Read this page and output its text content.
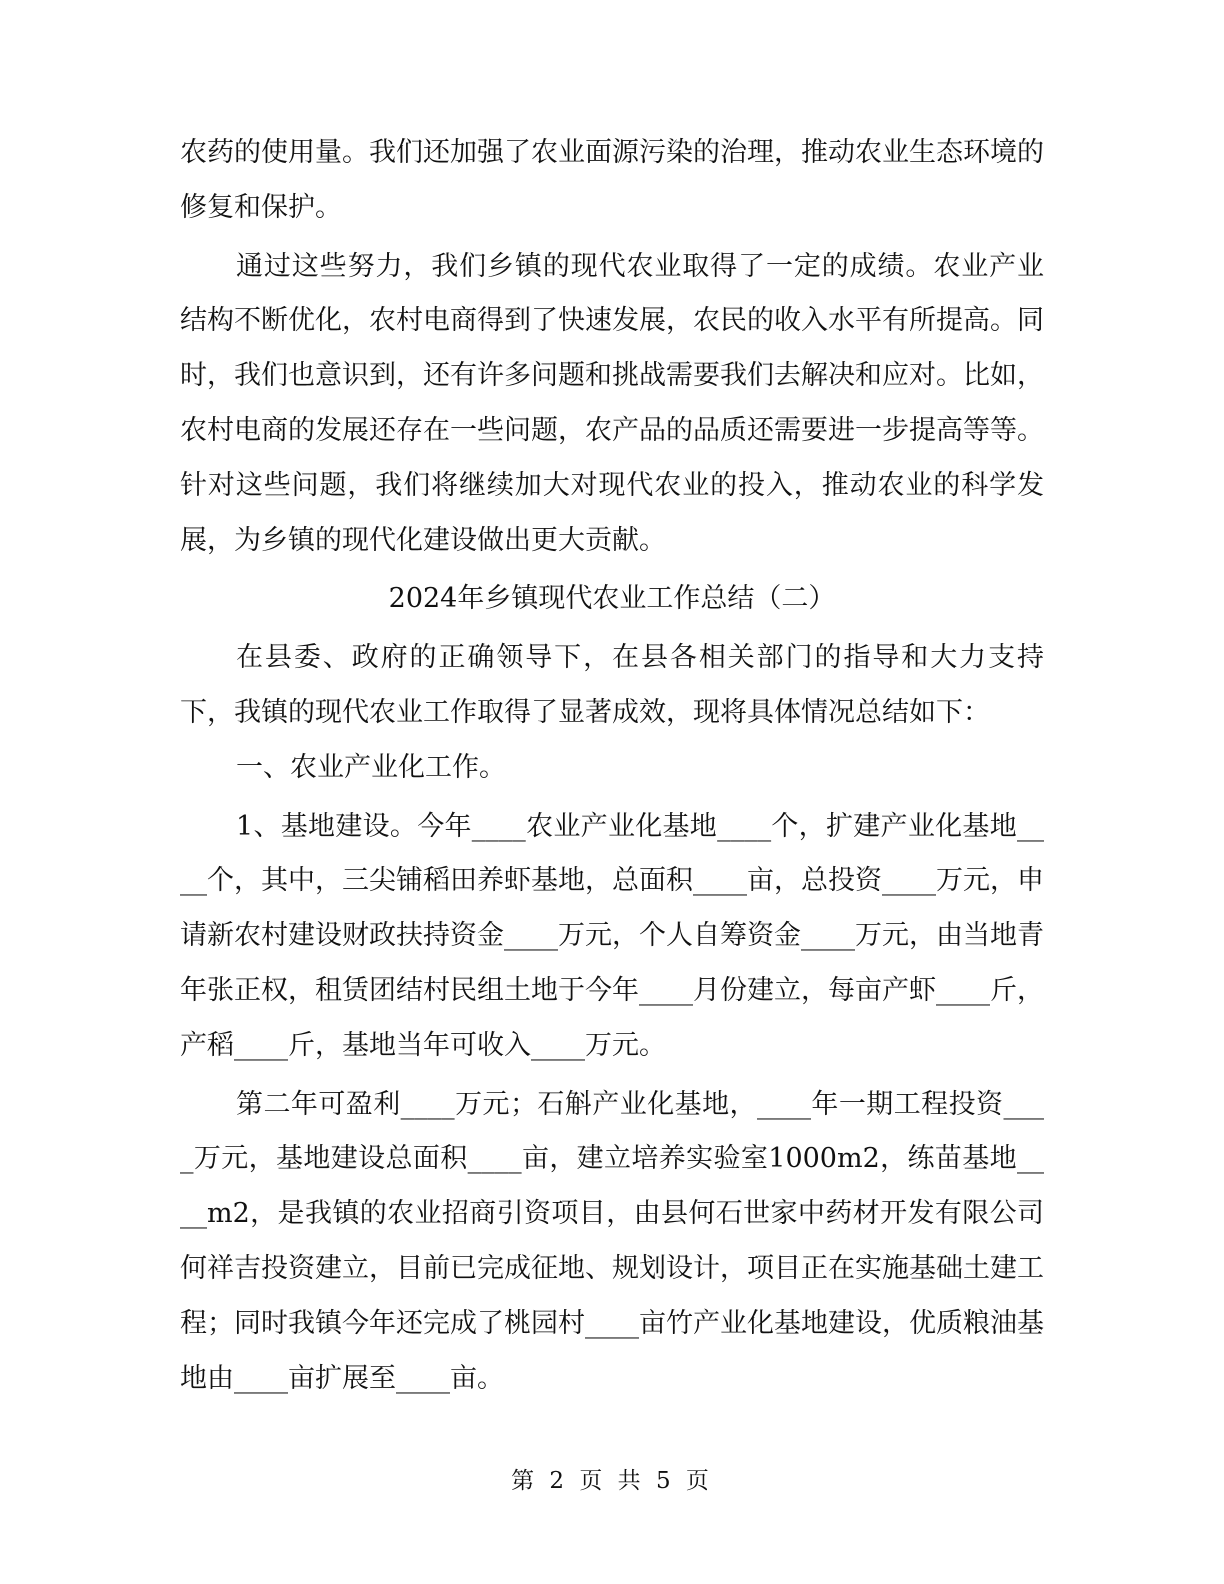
农药的使用量。我们还加强了农业面源污染的治理，推动农业生态环境的修复和保护。

通过这些努力，我们乡镇的现代农业取得了一定的成绩。农业产业结构不断优化，农村电商得到了快速发展，农民的收入水平有所提高。同时，我们也意识到，还有许多问题和挑战需要我们去解决和应对。比如，农村电商的发展还存在一些问题，农产品的品质还需要进一步提高等等。针对这些问题，我们将继续加大对现代农业的投入，推动农业的科学发展，为乡镇的现代化建设做出更大贡献。

2024年乡镇现代农业工作总结（二）

在县委、政府的正确领导下，在县各相关部门的指导和大力支持下，我镇的现代农业工作取得了显著成效，现将具体情况总结如下：

一、农业产业化工作。

1、基地建设。今年____农业产业化基地____个，扩建产业化基地____个，其中，三尖铺稻田养虾基地，总面积____亩，总投资____万元，申请新农村建设财政扶持资金____万元，个人自筹资金____万元，由当地青年张正权，租赁团结村民组土地于今年____月份建立，每亩产虾____斤，产稻____斤，基地当年可收入____万元。

第二年可盈利____万元；石斛产业化基地，____年一期工程投资____万元，基地建设总面积____亩，建立培养实验室1000m2，练苗基地____m2，是我镇的农业招商引资项目，由县何石世家中药材开发有限公司何祥吉投资建立，目前已完成征地、规划设计，项目正在实施基础土建工程；同时我镇今年还完成了桃园村____亩竹产业化基地建设，优质粮油基地由____亩扩展至____亩。

第 2 页 共 5 页
